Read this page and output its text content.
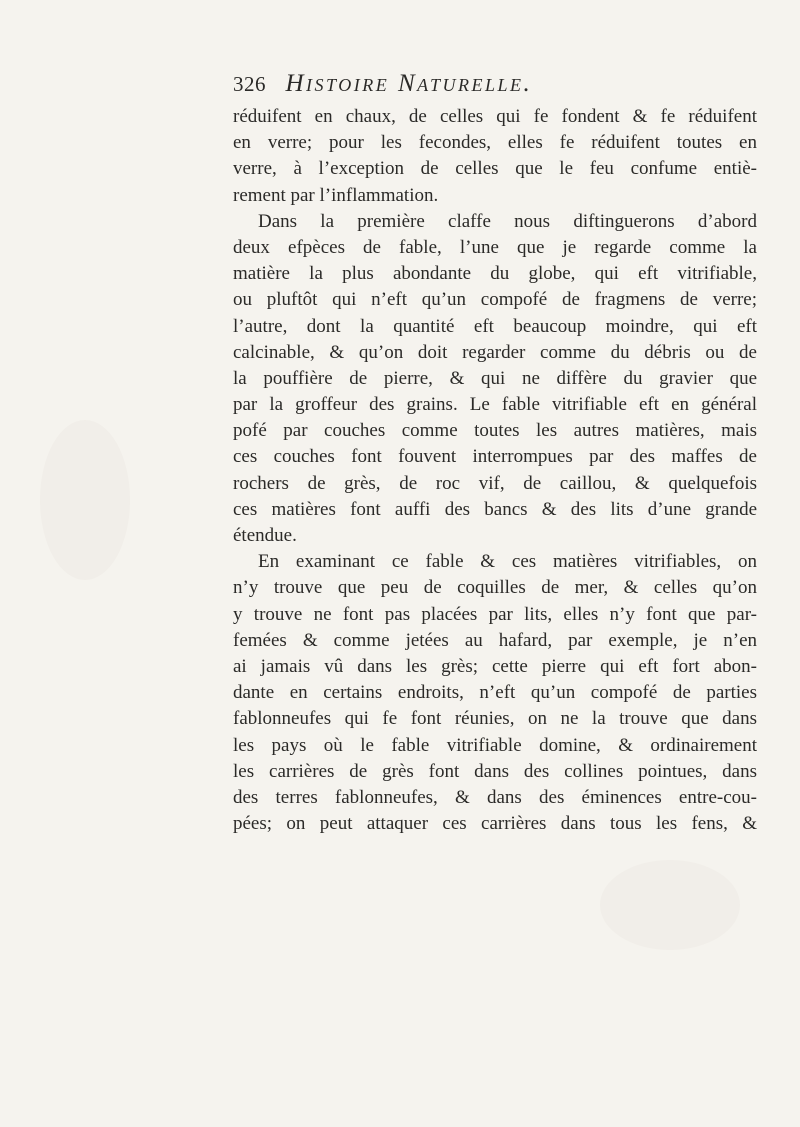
326 Histoire Naturelle.
réduifent en chaux, de celles qui fe fondent & fe réduifent
en verre; pour les fecondes, elles fe réduifent toutes en
verre, à l’exception de celles que le feu confume entiè-
rement par l’inflammation.
Dans la première claffe nous diftinguerons d’abord
deux efpèces de fable, l’une que je regarde comme la
matière la plus abondante du globe, qui eft vitrifiable,
ou pluftôt qui n’eft qu’un compofé de fragmens de verre;
l’autre, dont la quantité eft beaucoup moindre, qui eft
calcinable, & qu’on doit regarder comme du débris ou de
la pouffière de pierre, & qui ne diffère du gravier que
par la groffeur des grains. Le fable vitrifiable eft en général
pofé par couches comme toutes les autres matières, mais
ces couches font fouvent interrompues par des maffes de
rochers de grès, de roc vif, de caillou, & quelquefois
ces matières font auffi des bancs & des lits d’une grande
étendue.
En examinant ce fable & ces matières vitrifiables, on
n’y trouve que peu de coquilles de mer, & celles qu’on
y trouve ne font pas placées par lits, elles n’y font que par-
femées & comme jetées au hafard, par exemple, je n’en
ai jamais vû dans les grès; cette pierre qui eft fort abon-
dante en certains endroits, n’eft qu’un compofé de parties
fablonneufes qui fe font réunies, on ne la trouve que dans
les pays où le fable vitrifiable domine, & ordinairement
les carrières de grès font dans des collines pointues, dans
des terres fablonneufes, & dans des éminences entre-cou-
pées; on peut attaquer ces carrières dans tous les fens, &
